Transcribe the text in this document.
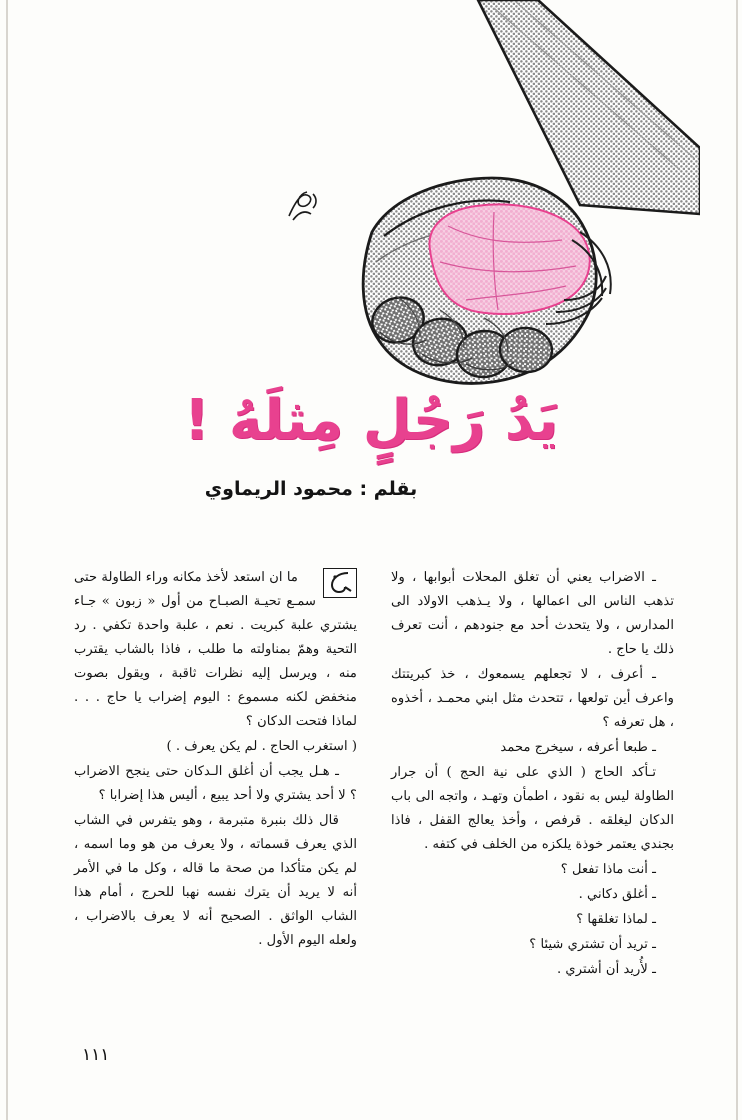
يَدُ رَجُلٍ مِثلَهُ !
بقلم : محمود الريماوي

ما ان استعد لأخذ مكانه وراء الطاولة حتى سمـع تحيـة الصبـاح من أول « زبون » جـاء يشتري علبة كبريت . نعم ، علبة واحدة تكفي . رد التحية وهمّ بمناولته ما طلب ، فاذا بالشاب يقترب منه ، ويرسل إليه نظرات ثاقبة ، ويقول بصوت منخفض لكنه مسموع : اليوم إضراب يا حاج . . . لماذا فتحت الدكان ؟

( استغرب الحاج . لم يكن يعرف . )

ـ هـل يجب أن أغلق الـدكان حتى ينجح الاضراب ؟ لا أحد يشتري ولا أحد يبيع ، أليس هذا إضرابا ؟

قال ذلك بنبرة متبرمة ، وهو يتفرس في الشاب الذي يعرف قسماته ، ولا يعرف من هو وما اسمه ، لم يكن متأكدا من صحة ما قاله ، وكل ما في الأمر أنه لا يريد أن يترك نفسه نهبا للحرج ، أمام هذا الشاب الواثق . الصحيح أنه لا يعرف بالاضراب ، ولعله اليوم الأول .

ـ الاضراب يعني أن تغلق المحلات أبوابها ، ولا تذهب الناس الى اعمالها ، ولا يـذهب الاولاد الى المدارس ، ولا يتحدث أحد مع جنودهم ، أنت تعرف ذلك يا حاج .

ـ أعرف ، لا تجعلهم يسمعوك ، خذ كبريتتك واعرف أين تولعها ، تتحدث مثل ابني محمـد ، أخذوه ، هل تعرفه ؟

ـ طبعا أعرفه ، سيخرج محمد

تـأكد الحاج ( الذي على نية الحج ) أن جرار الطاولة ليس به نقود ، اطمأن وتهـد ، واتجه الى باب الدكان ليغلقه . قرفص ، وأخذ يعالج القفل ، فاذا بجندي يعتمر خوذة يلكزه من الخلف في كتفه .

ـ أنت ماذا تفعل ؟

ـ أغلق دكاني .

ـ لماذا تغلقها ؟

ـ تريد أن تشتري شيئا ؟

ـ لأُريد أن أشتري .

١١١
